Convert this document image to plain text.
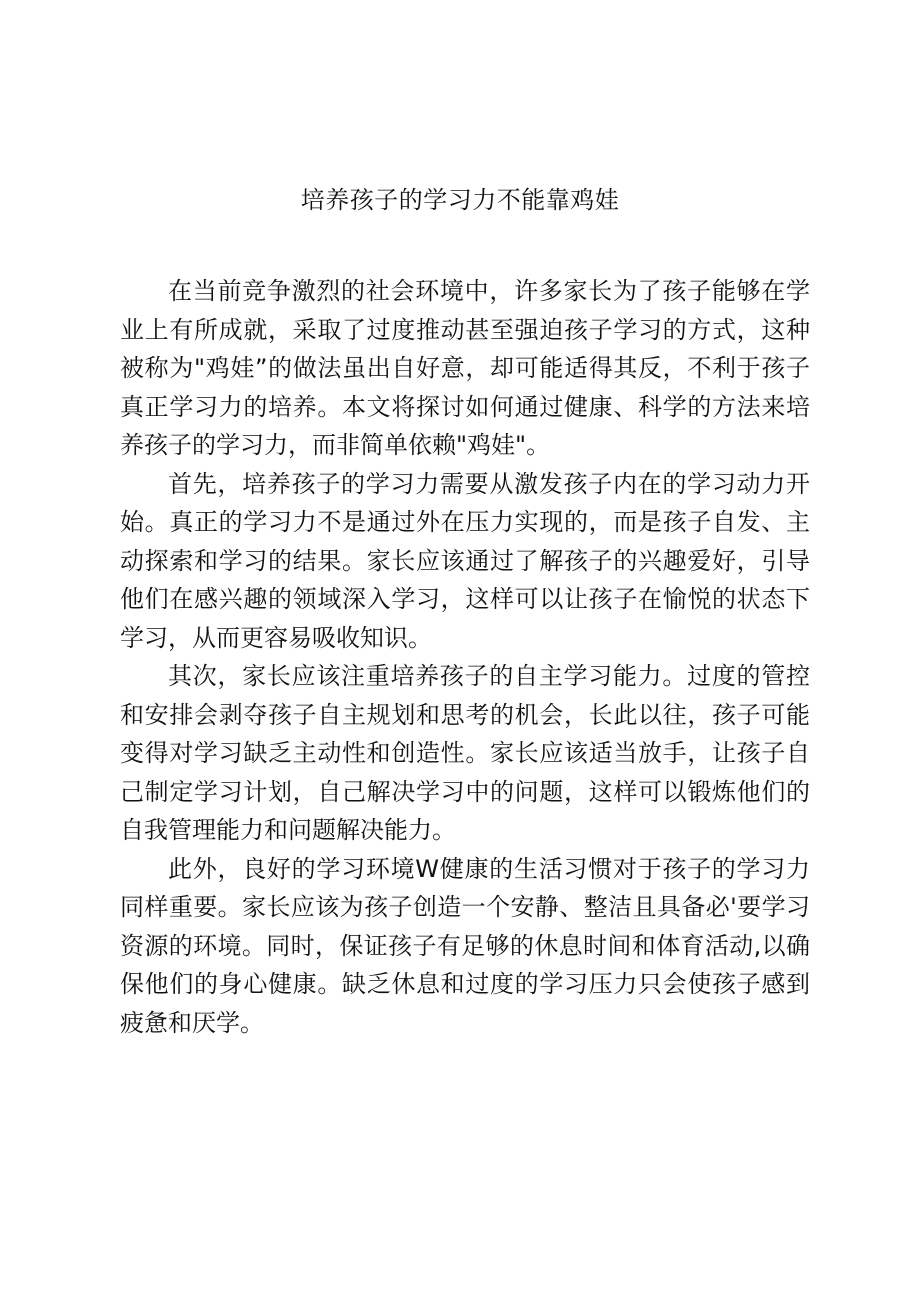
培养孩子的学习力不能靠鸡娃

在当前竞争激烈的社会环境中，许多家长为了孩子能够在学业上有所成就，采取了过度推动甚至强迫孩子学习的方式，这种被称为"鸡娃”的做法虽出自好意，却可能适得其反，不利于孩子真正学习力的培养。本文将探讨如何通过健康、科学的方法来培养孩子的学习力，而非简单依赖"鸡娃"。

首先，培养孩子的学习力需要从激发孩子内在的学习动力开始。真正的学习力不是通过外在压力实现的，而是孩子自发、主动探索和学习的结果。家长应该通过了解孩子的兴趣爱好，引导他们在感兴趣的领域深入学习，这样可以让孩子在愉悦的状态下学习，从而更容易吸收知识。

其次，家长应该注重培养孩子的自主学习能力。过度的管控和安排会剥夺孩子自主规划和思考的机会，长此以往，孩子可能变得对学习缺乏主动性和创造性。家长应该适当放手，让孩子自己制定学习计划，自己解决学习中的问题，这样可以锻炼他们的自我管理能力和问题解决能力。

此外，良好的学习环境W健康的生活习惯对于孩子的学习力同样重要。家长应该为孩子创造一个安静、整洁且具备必'要学习资源的环境。同时，保证孩子有足够的休息时间和体育活动,以确保他们的身心健康。缺乏休息和过度的学习压力只会使孩子感到疲惫和厌学。
